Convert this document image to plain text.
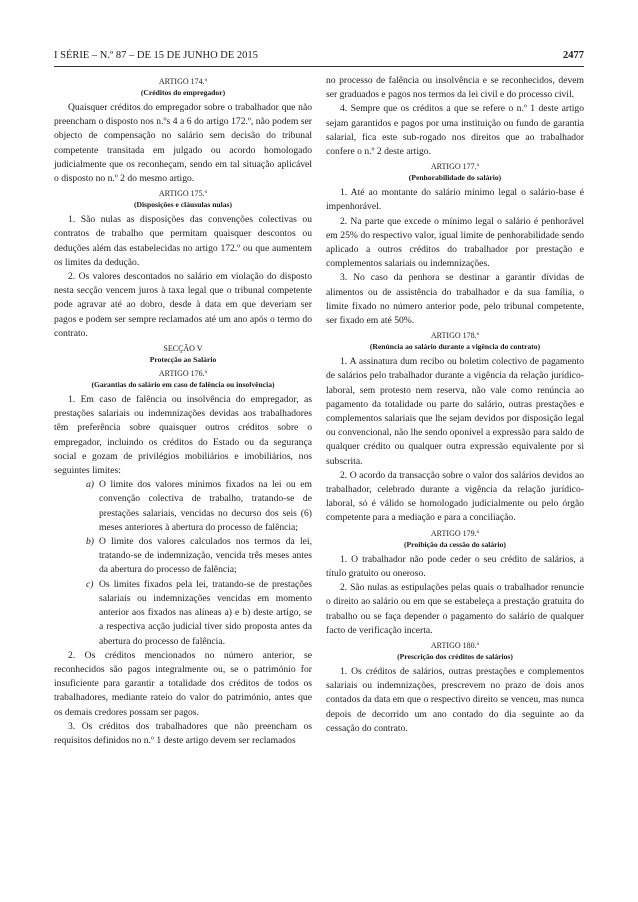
I SÉRIE – N.º 87 – DE 15 DE JUNHO DE 2015	2477
ARTIGO 174.º
(Créditos do empregador)

Quaisquer créditos do empregador sobre o trabalhador que não preencham o disposto nos n.ºs 4 a 6 do artigo 172.º, não podem ser objecto de compensação no salário sem decisão do tribunal competente transitada em julgado ou acordo homologado judicialmente que os reconheçam, sendo em tal situação aplicável o disposto no n.º 2 do mesmo artigo.

ARTIGO 175.º
(Disposições e cláusulas nulas)

1. São nulas as disposições das convenções colectivas ou contratos de trabalho que permitam quaisquer descontos ou deduções além das estabelecidas no artigo 172.º ou que aumentem os limites da dedução.

2. Os valores descontados no salário em violação do disposto nesta secção vencem juros à taxa legal que o tribunal competente pode agravar até ao dobro, desde à data em que deveriam ser pagos e podem ser sempre reclamados até um ano após o termo do contrato.

SECÇÃO V
Protecção ao Salário
ARTIGO 176.º
(Garantias do salário em caso de falência ou insolvência)

1. Em caso de falência ou insolvência do empregador, as prestações salariais ou indemnizações devidas aos trabalhadores têm preferência sobre quaisquer outros créditos sobre o empregador, incluindo os créditos do Estado ou da segurança social e gozam de privilégios mobiliários e imobiliários, nos seguintes limites:

a) O limite dos valores mínimos fixados na lei ou em convenção colectiva de trabalho, tratando-se de prestações salariais, vencidas no decurso dos seis (6) meses anteriores à abertura do processo de falência;
b) O limite dos valores calculados nos termos da lei, tratando-se de indemnização, vencida três meses antes da abertura do processo de falência;
c) Os limites fixados pela lei, tratando-se de prestações salariais ou indemnizações vencidas em momento anterior aos fixados nas alíneas a) e b) deste artigo, se a respectiva acção judicial tiver sido proposta antes da abertura do processo de falência.

2. Os créditos mencionados no número anterior, se reconhecidos são pagos integralmente ou, se o património for insuficiente para garantir a totalidade dos créditos de todos os trabalhadores, mediante rateio do valor do património, antes que os demais credores possam ser pagos.

3. Os créditos dos trabalhadores que não preencham os requisitos definidos no n.º 1 deste artigo devem ser reclamados

no processo de falência ou insolvência e se reconhecidos, devem ser graduados e pagos nos termos da lei civil e do processo civil.

4. Sempre que os créditos a que se refere o n.º 1 deste artigo sejam garantidos e pagos por uma instituição ou fundo de garantia salarial, fica este sub-rogado nos direitos que ao trabalhador confere o n.º 2 deste artigo.

ARTIGO 177.º
(Penhorabilidade do salário)

1. Até ao montante do salário mínimo legal o salário-base é impenhorável.

2. Na parte que excede o mínimo legal o salário é penhorável em 25% do respectivo valor, igual limite de penhorabilidade sendo aplicado a outros créditos do trabalhador por prestação e complementos salariais ou indemnizações.

3. No caso da penhora se destinar a garantir dívidas de alimentos ou de assistência do trabalhador e da sua família, o limite fixado no número anterior pode, pelo tribunal competente, ser fixado em até 50%.

ARTIGO 178.º
(Renúncia ao salário durante a vigência do contrato)

1. A assinatura dum recibo ou boletim colectivo de pagamento de salários pelo trabalhador durante a vigência da relação jurídico-laboral, sem protesto nem reserva, não vale como renúncia ao pagamento da totalidade ou parte do salário, outras prestações e complementos salariais que lhe sejam devidos por disposição legal ou convencional, não lhe sendo oponível a expressão para saldo de qualquer crédito ou qualquer outra expressão equivalente por si subscrita.

2. O acordo da transacção sobre o valor dos salários devidos ao trabalhador, celebrado durante a vigência da relação jurídico-laboral, só é válido se homologado judicialmente ou pelo órgão competente para a mediação e para a conciliação.

ARTIGO 179.º
(Proibição da cessão do salário)

1. O trabalhador não pode ceder o seu crédito de salários, a título gratuito ou oneroso.

2. São nulas as estipulações pelas quais o trabalhador renuncie o direito ao salário ou em que se estabeleça a prestação gratuita do trabalho ou se faça depender o pagamento do salário de qualquer facto de verificação incerta.

ARTIGO 180.º
(Prescrição dos créditos de salários)

1. Os créditos de salários, outras prestações e complementos salariais ou indemnizações, prescrevem no prazo de dois anos contados da data em que o respectivo direito se venceu, mas nunca depois de decorrido um ano contado do dia seguinte ao da cessação do contrato.
